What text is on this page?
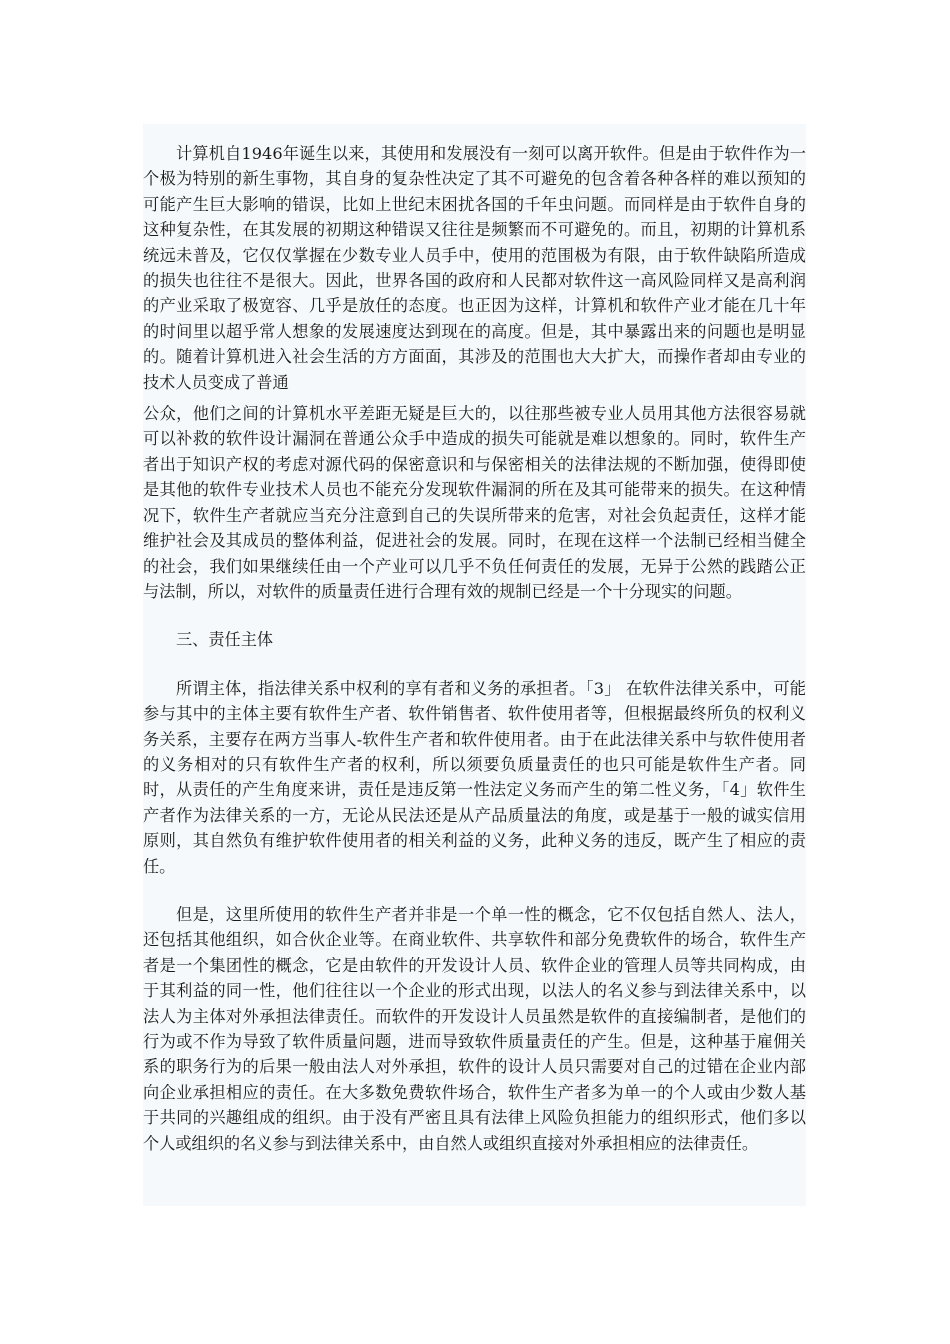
计算机自1946年诞生以来，其使用和发展没有一刻可以离开软件。但是由于软件作为一个极为特别的新生事物，其自身的复杂性决定了其不可避免的包含着各种各样的难以预知的可能产生巨大影响的错误，比如上世纪末困扰各国的千年虫问题。而同样是由于软件自身的这种复杂性，在其发展的初期这种错误又往往是频繁而不可避免的。而且，初期的计算机系统远未普及，它仅仅掌握在少数专业人员手中，使用的范围极为有限，由于软件缺陷所造成的损失也往往不是很大。因此，世界各国的政府和人民都对软件这一高风险同样又是高利润的产业采取了极宽容、几乎是放任的态度。也正因为这样，计算机和软件产业才能在几十年的时间里以超乎常人想象的发展速度达到现在的高度。但是，其中暴露出来的问题也是明显的。随着计算机进入社会生活的方方面面，其涉及的范围也大大扩大，而操作者却由专业的技术人员变成了普通

公众，他们之间的计算机水平差距无疑是巨大的，以往那些被专业人员用其他方法很容易就可以补救的软件设计漏洞在普通公众手中造成的损失可能就是难以想象的。同时，软件生产者出于知识产权的考虑对源代码的保密意识和与保密相关的法律法规的不断加强，使得即使是其他的软件专业技术人员也不能充分发现软件漏洞的所在及其可能带来的损失。在这种情况下，软件生产者就应当充分注意到自己的失误所带来的危害，对社会负起责任，这样才能维护社会及其成员的整体利益，促进社会的发展。同时，在现在这样一个法制已经相当健全的社会，我们如果继续任由一个产业可以几乎不负任何责任的发展，无异于公然的践踏公正与法制，所以，对软件的质量责任进行合理有效的规制已经是一个十分现实的问题。

三、责任主体

所谓主体，指法律关系中权利的享有者和义务的承担者。「3」 在软件法律关系中，可能参与其中的主体主要有软件生产者、软件销售者、软件使用者等，但根据最终所负的权利义务关系，主要存在两方当事人-软件生产者和软件使用者。由于在此法律关系中与软件使用者的义务相对的只有软件生产者的权利，所以须要负质量责任的也只可能是软件生产者。同时，从责任的产生角度来讲，责任是违反第一性法定义务而产生的第二性义务，「4」软件生产者作为法律关系的一方，无论从民法还是从产品质量法的角度，或是基于一般的诚实信用原则，其自然负有维护软件使用者的相关利益的义务，此种义务的违反，既产生了相应的责任。

但是，这里所使用的软件生产者并非是一个单一性的概念，它不仅包括自然人、法人，还包括其他组织，如合伙企业等。在商业软件、共享软件和部分免费软件的场合，软件生产者是一个集团性的概念，它是由软件的开发设计人员、软件企业的管理人员等共同构成，由于其利益的同一性，他们往往以一个企业的形式出现，以法人的名义参与到法律关系中，以法人为主体对外承担法律责任。而软件的开发设计人员虽然是软件的直接编制者，是他们的行为或不作为导致了软件质量问题，进而导致软件质量责任的产生。但是，这种基于雇佣关系的职务行为的后果一般由法人对外承担，软件的设计人员只需要对自己的过错在企业内部向企业承担相应的责任。在大多数免费软件场合，软件生产者多为单一的个人或由少数人基于共同的兴趣组成的组织。由于没有严密且具有法律上风险负担能力的组织形式，他们多以个人或组织的名义参与到法律关系中，由自然人或组织直接对外承担相应的法律责任。
